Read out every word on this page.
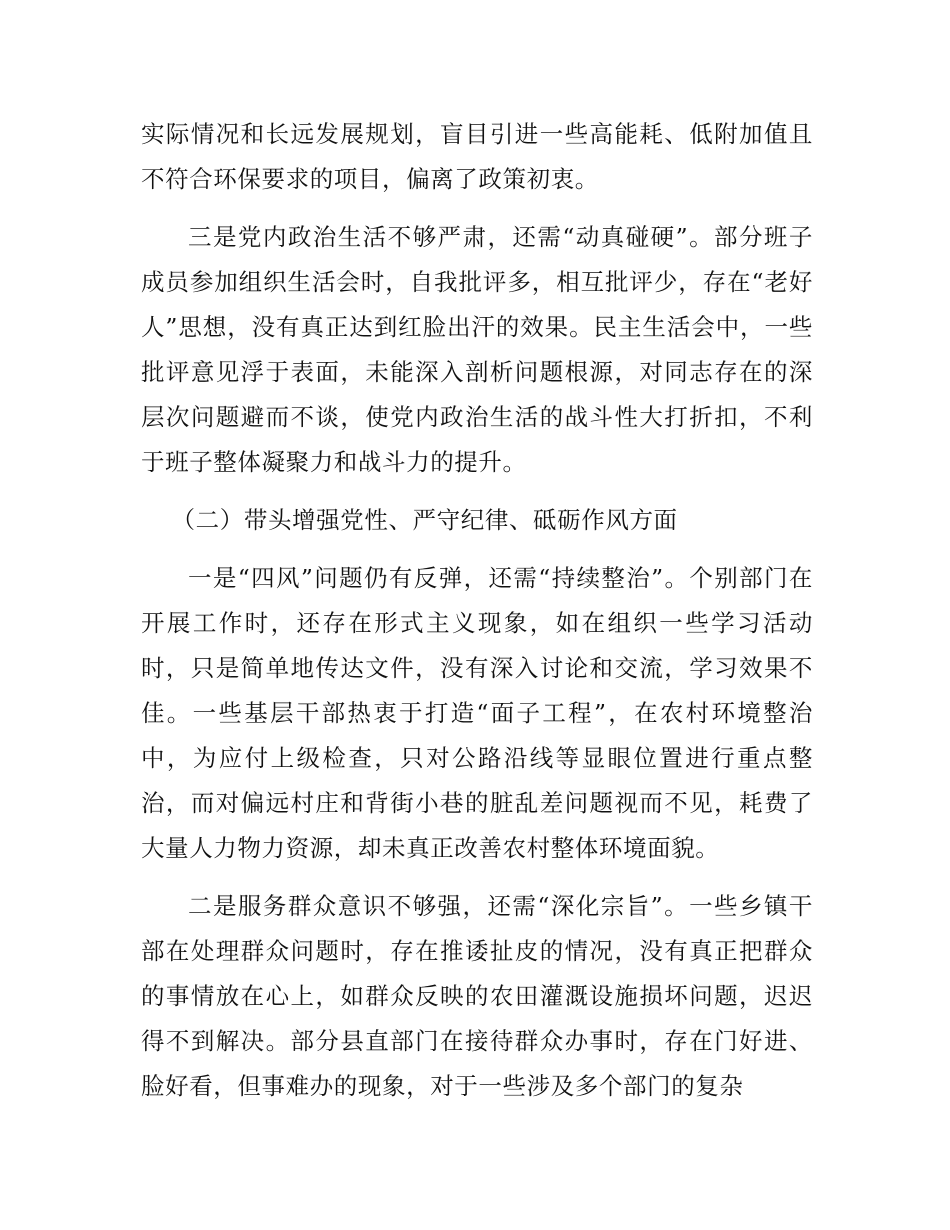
实际情况和长远发展规划，盲目引进一些高能耗、低附加值且不符合环保要求的项目，偏离了政策初衷。

三是党内政治生活不够严肃，还需“动真碰硬”。部分班子成员参加组织生活会时，自我批评多，相互批评少，存在“老好人”思想，没有真正达到红脸出汗的效果。民主生活会中，一些批评意见浮于表面，未能深入剖析问题根源，对同志存在的深层次问题避而不谈，使党内政治生活的战斗性大打折扣，不利于班子整体凝聚力和战斗力的提升。

（二）带头增强党性、严守纪律、砥砺作风方面

一是“四风”问题仍有反弹，还需“持续整治”。个别部门在开展工作时，还存在形式主义现象，如在组织一些学习活动时，只是简单地传达文件，没有深入讨论和交流，学习效果不佳。一些基层干部热衷于打造“面子工程”，在农村环境整治中，为应付上级检查，只对公路沿线等显眼位置进行重点整治，而对偏远村庄和背街小巷的脏乱差问题视而不见，耗费了大量人力物力资源，却未真正改善农村整体环境面貌。

二是服务群众意识不够强，还需“深化宗旨”。一些乡镇干部在处理群众问题时，存在推诿扯皮的情况，没有真正把群众的事情放在心上，如群众反映的农田灌溉设施损坏问题，迟迟得不到解决。部分县直部门在接待群众办事时，存在门好进、脸好看，但事难办的现象，对于一些涉及多个部门的复杂
